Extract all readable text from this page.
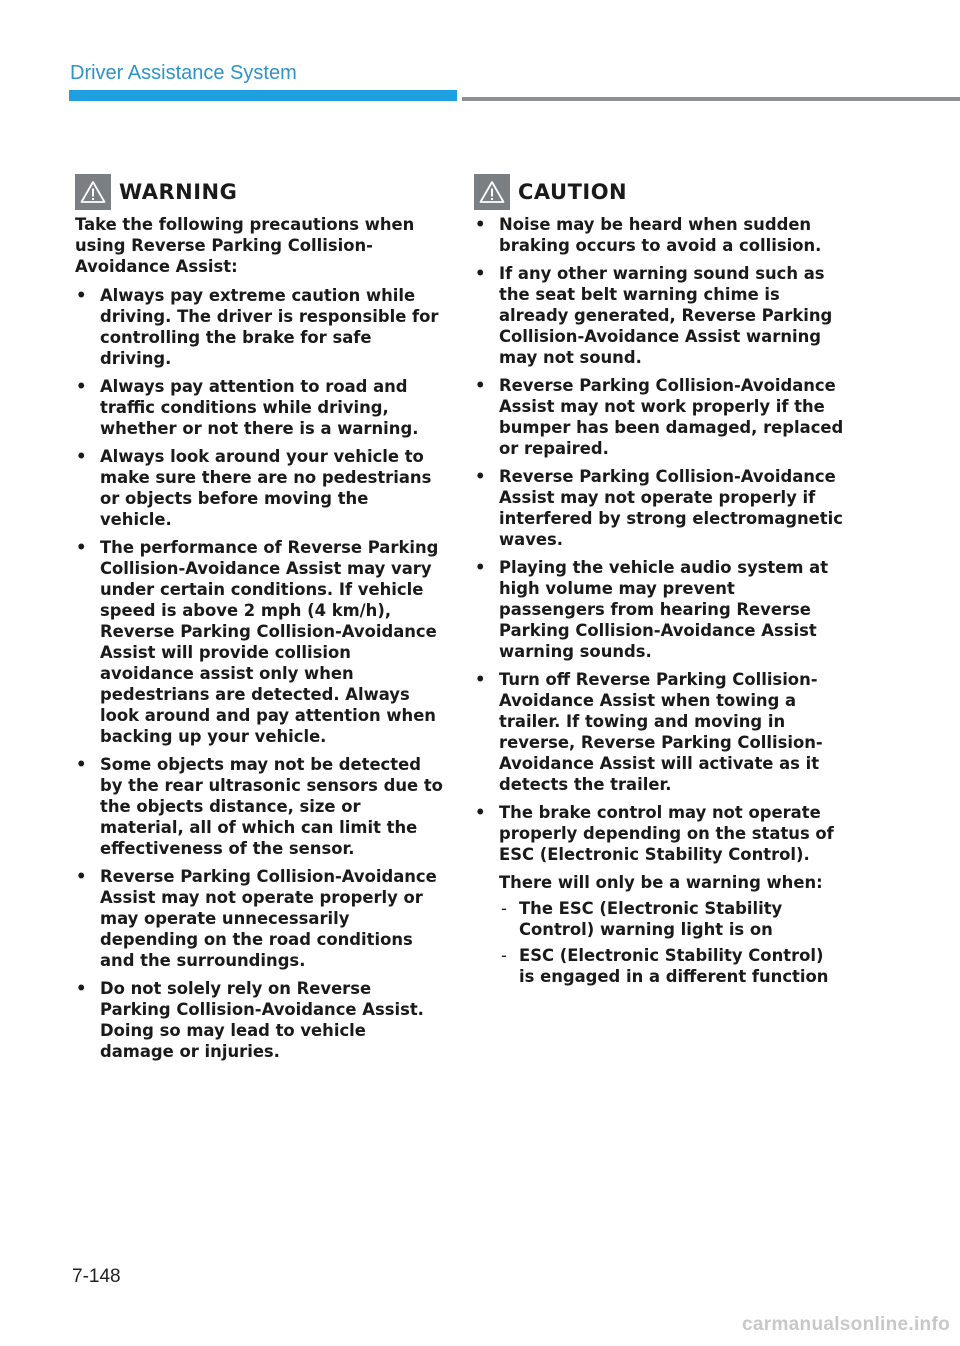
Driver Assistance System
WARNING

Take the following precautions when using Reverse Parking Collision-Avoidance Assist:

• Always pay extreme caution while driving. The driver is responsible for controlling the brake for safe driving.
• Always pay attention to road and traffic conditions while driving, whether or not there is a warning.
• Always look around your vehicle to make sure there are no pedestrians or objects before moving the vehicle.
• The performance of Reverse Parking Collision-Avoidance Assist may vary under certain conditions. If vehicle speed is above 2 mph (4 km/h), Reverse Parking Collision-Avoidance Assist will provide collision avoidance assist only when pedestrians are detected. Always look around and pay attention when backing up your vehicle.
• Some objects may not be detected by the rear ultrasonic sensors due to the objects distance, size or material, all of which can limit the effectiveness of the sensor.
• Reverse Parking Collision-Avoidance Assist may not operate properly or may operate unnecessarily depending on the road conditions and the surroundings.
• Do not solely rely on Reverse Parking Collision-Avoidance Assist. Doing so may lead to vehicle damage or injuries.
CAUTION
• Noise may be heard when sudden braking occurs to avoid a collision.
• If any other warning sound such as the seat belt warning chime is already generated, Reverse Parking Collision-Avoidance Assist warning may not sound.
• Reverse Parking Collision-Avoidance Assist may not work properly if the bumper has been damaged, replaced or repaired.
• Reverse Parking Collision-Avoidance Assist may not operate properly if interfered by strong electromagnetic waves.
• Playing the vehicle audio system at high volume may prevent passengers from hearing Reverse Parking Collision-Avoidance Assist warning sounds.
• Turn off Reverse Parking Collision-Avoidance Assist when towing a trailer. If towing and moving in reverse, Reverse Parking Collision-Avoidance Assist will activate as it detects the trailer.
• The brake control may not operate properly depending on the status of ESC (Electronic Stability Control).
There will only be a warning when:
- The ESC (Electronic Stability Control) warning light is on
- ESC (Electronic Stability Control) is engaged in a different function
7-148
carmanualsonline.info
